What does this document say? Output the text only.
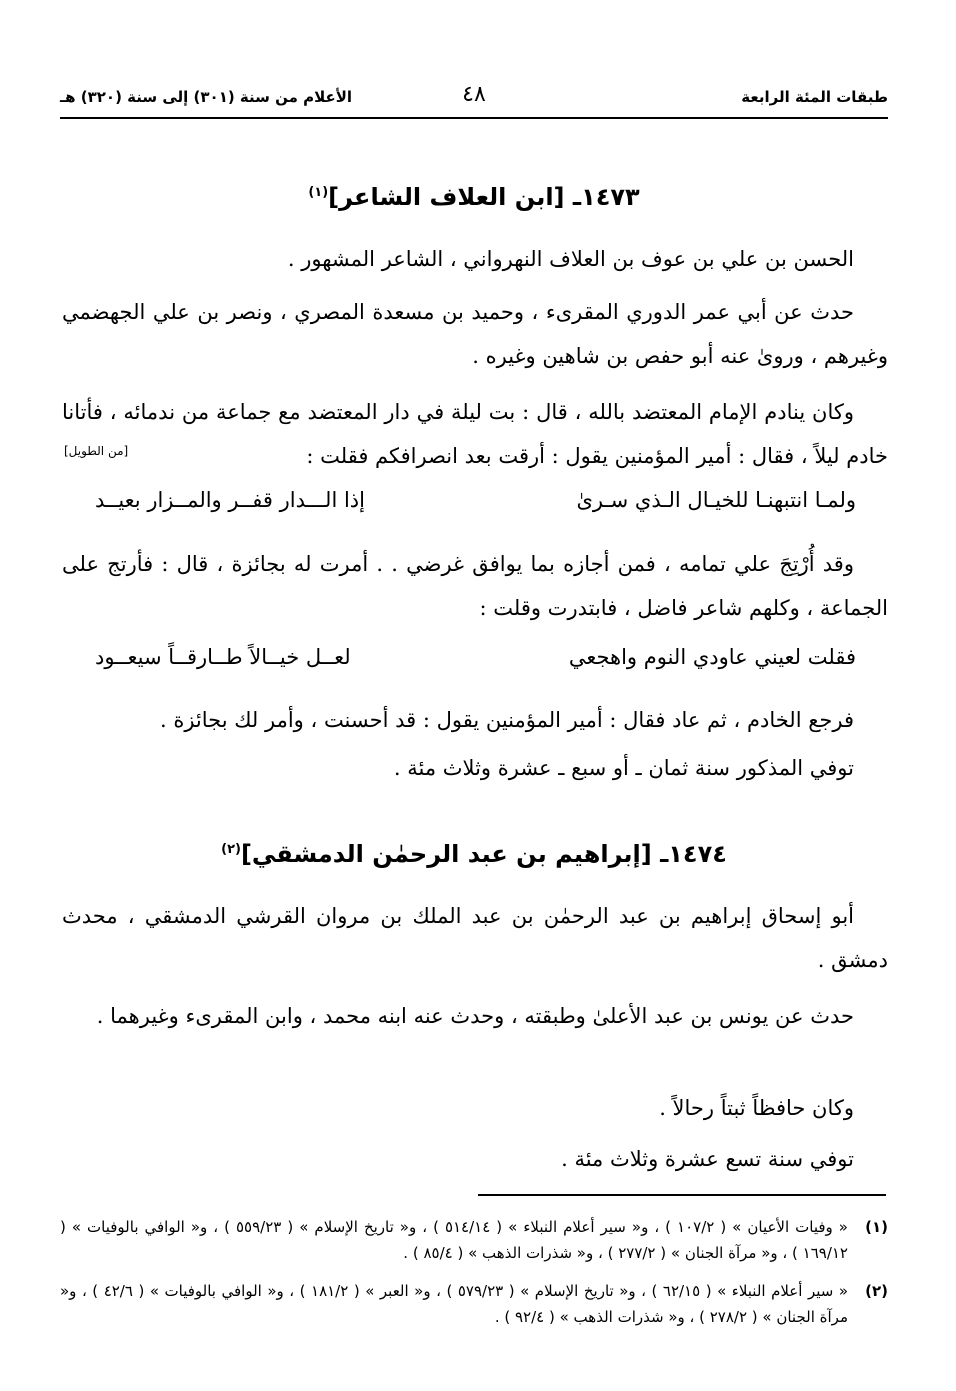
طبقات المئة الرابعة
٤٨
الأعلام من سنة (٣٠١) إلى سنة (٣٢٠) هـ
١٤٧٣ـ [ابن العلاف الشاعر]$^{(١)}$
الحسن بن علي بن عوف بن العلاف النهرواني ، الشاعر المشهور .
حدث عن أبي عمر الدوري المقرىء ، وحميد بن مسعدة المصري ، ونصر بن علي الجهضمي وغيرهم ، وروىٰ عنه أبو حفص بن شاهين وغيره .
وكان ينادم الإمام المعتضد بالله ، قال : بت ليلة في دار المعتضد مع جماعة من ندمائه ، فأتانا خادم ليلاً ، فقال : أمير المؤمنين يقول : أرقت بعد انصرافكم فقلت :
[من الطويل]
ولمـا انتبهنـا للخيـال الـذي سـرىٰ
إذا الـــدار قفــر والمــزار بعيــد
وقد أُرْتِجَ علي تمامه ، فمن أجازه بما يوافق غرضي . . أمرت له بجائزة ، قال : فأرتج على الجماعة ، وكلهم شاعر فاضل ، فابتدرت وقلت :
فقلت لعيني عاودي النوم واهجعي
لعــل خيــالاً طــارقــاً سيعــود
فرجع الخادم ، ثم عاد فقال : أمير المؤمنين يقول : قد أحسنت ، وأمر لك بجائزة .
توفي المذكور سنة ثمان ـ أو سبع ـ عشرة وثلاث مئة .
١٤٧٤ـ [إبراهيم بن عبد الرحمٰن الدمشقي]$^{(٢)}$
أبو إسحاق إبراهيم بن عبد الرحمٰن بن عبد الملك بن مروان القرشي الدمشقي ، محدث دمشق .
حدث عن يونس بن عبد الأعلىٰ وطبقته ، وحدث عنه ابنه محمد ، وابن المقرىء وغيرهما .
وكان حافظاً ثبتاً رحالاً .
توفي سنة تسع عشرة وثلاث مئة .
(١)
« وفيات الأعيان » ( ١٠٧/٢ ) ، و« سير أعلام النبلاء » ( ٥١٤/١٤ ) ، و« تاريخ الإسلام » ( ٥٥٩/٢٣ ) ، و« الوافي بالوفيات » ( ١٦٩/١٢ ) ، و« مرآة الجنان » ( ٢٧٧/٢ ) ، و« شذرات الذهب » ( ٨٥/٤ ) .
(٢)
« سير أعلام النبلاء » ( ٦٢/١٥ ) ، و« تاريخ الإسلام » ( ٥٧٩/٢٣ ) ، و« العبر » ( ١٨١/٢ ) ، و« الوافي بالوفيات » ( ٤٢/٦ ) ، و« مرآة الجنان » ( ٢٧٨/٢ ) ، و« شذرات الذهب » ( ٩٢/٤ ) .
